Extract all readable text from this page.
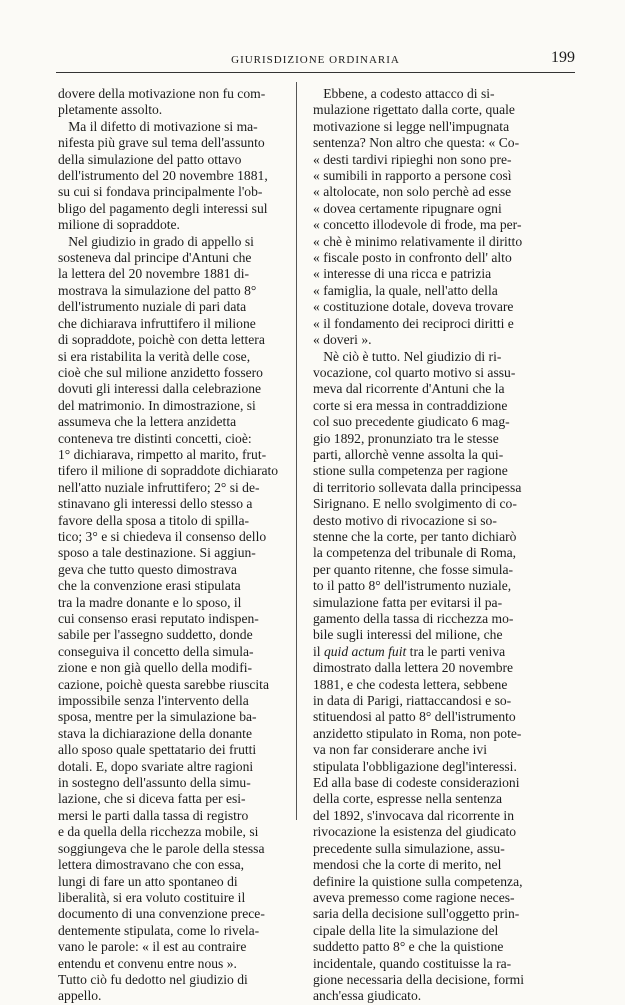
GIURISDIZIONE ORDINARIA	199

dovere della motivazione non fu com-

pletamente assolto.

Ma il difetto di motivazione si ma-

nifesta più grave sul tema dell'assunto

della simulazione del patto ottavo

dell'istrumento del 20 novembre 1881,

su cui si fondava principalmente l'ob-

bligo del pagamento degli interessi sul

milione di sopraddote.

Nel giudizio in grado di appello si

sosteneva dal principe d'Antuni che

la lettera del 20 novembre 1881 di-

mostrava la simulazione del patto 8°

dell'istrumento nuziale di pari data

che dichiarava infruttifero il milione

di sopraddote, poichè con detta lettera

si era ristabilita la verità delle cose,

cioè che sul milione anzidetto fossero

dovuti gli interessi dalla celebrazione

del matrimonio. In dimostrazione, si

assumeva che la lettera anzidetta

conteneva tre distinti concetti, cioè:

1° dichiarava, rimpetto al marito, frut-

tifero il milione di sopraddote dichiarato

nell'atto nuziale infruttifero; 2° si de-

stinavano gli interessi dello stesso a

favore della sposa a titolo di spilla-

tico; 3° e si chiedeva il consenso dello

sposo a tale destinazione. Si aggiun-

geva che tutto questo dimostrava

che la convenzione erasi stipulata

tra la madre donante e lo sposo, il

cui consenso erasi reputato indispen-

sabile per l'assegno suddetto, donde

conseguiva il concetto della simula-

zione e non già quello della modifi-

cazione, poichè questa sarebbe riuscita

impossibile senza l'intervento della

sposa, mentre per la simulazione ba-

stava la dichiarazione della donante

allo sposo quale spettatario dei frutti

dotali. E, dopo svariate altre ragioni

in sostegno dell'assunto della simu-

lazione, che si diceva fatta per esi-

mersi le parti dalla tassa di registro

e da quella della ricchezza mobile, si

soggiungeva che le parole della stessa

lettera dimostravano che con essa,

lungi di fare un atto spontaneo di

liberalità, si era voluto costituire il

documento di una convenzione prece-

dentemente stipulata, come lo rivela-

vano le parole: « il est au contraire

entendu et convenu entre nous ».

Tutto ciò fu dedotto nel giudizio di

appello.

Ebbene, a codesto attacco di si-

mulazione rigettato dalla corte, quale

motivazione si legge nell'impugnata

sentenza? Non altro che questa: « Co-

« desti tardivi ripieghi non sono pre-

« sumibili in rapporto a persone così

« altolocate, non solo perchè ad esse

« dovea certamente ripugnare ogni

« concetto illodevole di frode, ma per-

« chè è minimo relativamente il diritto

« fiscale posto in confronto dell' alto

« interesse di una ricca e patrizia

« famiglia, la quale, nell'atto della

« costituzione dotale, doveva trovare

« il fondamento dei reciproci diritti e

« doveri ».

Nè ciò è tutto. Nel giudizio di ri-

vocazione, col quarto motivo si assu-

meva dal ricorrente d'Antuni che la

corte si era messa in contraddizione

col suo precedente giudicato 6 mag-

gio 1892, pronunziato tra le stesse

parti, allorchè venne assolta la qui-

stione sulla competenza per ragione

di territorio sollevata dalla principessa

Sirignano. E nello svolgimento di co-

desto motivo di rivocazione si so-

stenne che la corte, per tanto dichiarò

la competenza del tribunale di Roma,

per quanto ritenne, che fosse simula-

to il patto 8° dell'istrumento nuziale,

simulazione fatta per evitarsi il pa-

gamento della tassa di ricchezza mo-

bile sugli interessi del milione, che

il quid actum fuit tra le parti veniva

dimostrato dalla lettera 20 novembre

1881, e che codesta lettera, sebbene

in data di Parigi, riattaccandosi e so-

stituendosi al patto 8° dell'istrumento

anzidetto stipulato in Roma, non pote-

va non far considerare anche ivi

stipulata l'obbligazione degl'interessi.

Ed alla base di codeste considerazioni

della corte, espresse nella sentenza

del 1892, s'invocava dal ricorrente in

rivocazione la esistenza del giudicato

precedente sulla simulazione, assu-

mendosi che la corte di merito, nel

definire la quistione sulla competenza,

aveva premesso come ragione neces-

saria della decisione sull'oggetto prin-

cipale della lite la simulazione del

suddetto patto 8° e che la quistione

incidentale, quando costituisse la ra-

gione necessaria della decisione, formi

anch'essa giudicato.
